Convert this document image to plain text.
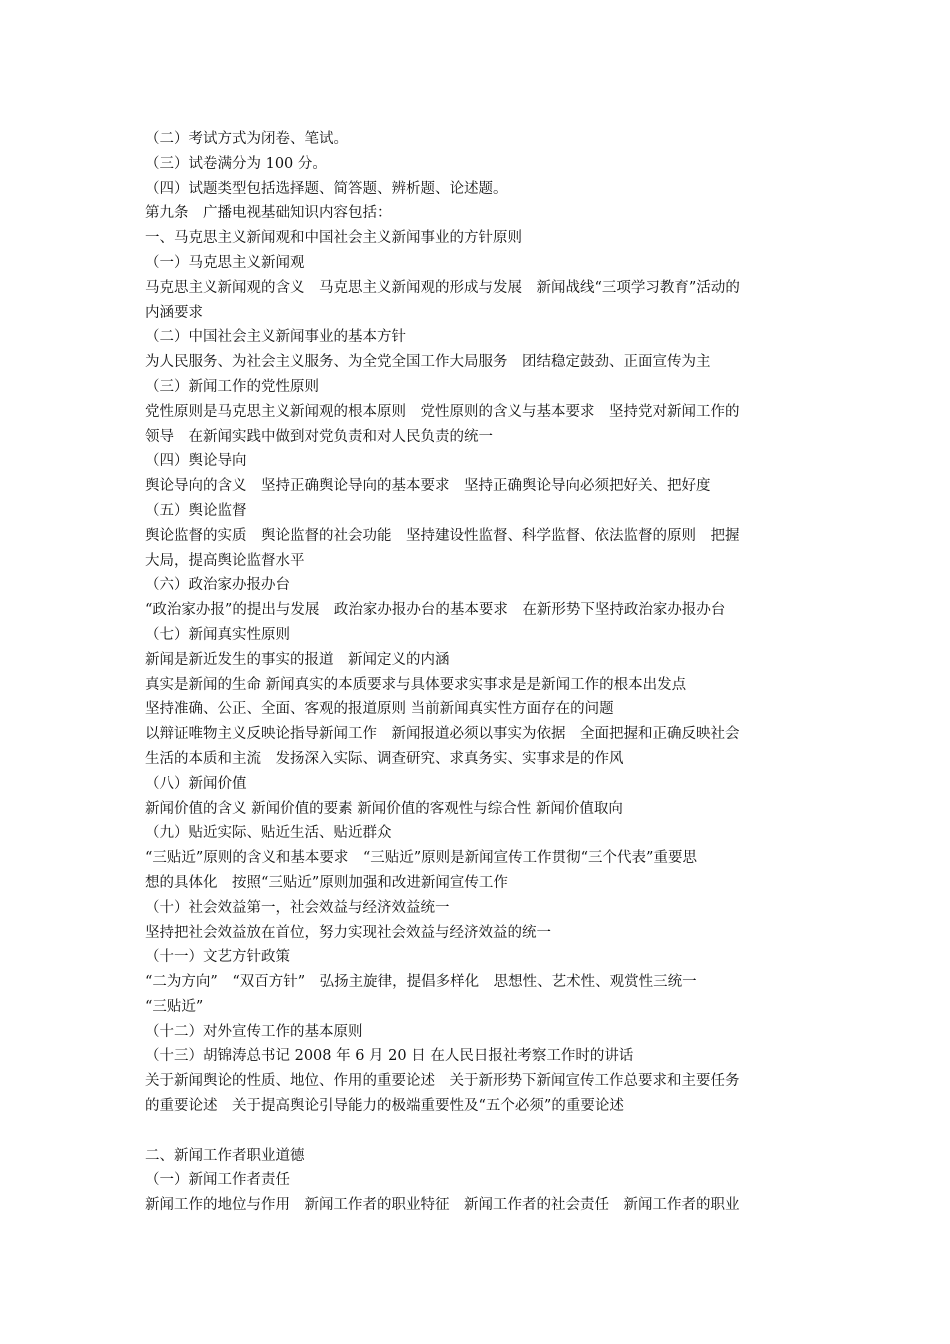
（二）考试方式为闭卷、笔试。
（三）试卷满分为 100 分。
（四）试题类型包括选择题、简答题、辨析题、论述题。
第九条　广播电视基础知识内容包括：
一、马克思主义新闻观和中国社会主义新闻事业的方针原则
（一）马克思主义新闻观
马克思主义新闻观的含义　马克思主义新闻观的形成与发展　新闻战线“三项学习教育”活动的
内涵要求
（二）中国社会主义新闻事业的基本方针
为人民服务、为社会主义服务、为全党全国工作大局服务　团结稳定鼓劲、正面宣传为主
（三）新闻工作的党性原则
党性原则是马克思主义新闻观的根本原则　党性原则的含义与基本要求　坚持党对新闻工作的
领导　在新闻实践中做到对党负责和对人民负责的统一
（四）舆论导向
舆论导向的含义　坚持正确舆论导向的基本要求　坚持正确舆论导向必须把好关、把好度
（五）舆论监督
舆论监督的实质　舆论监督的社会功能　坚持建设性监督、科学监督、依法监督的原则　把握
大局，提高舆论监督水平
（六）政治家办报办台
“政治家办报”的提出与发展　政治家办报办台的基本要求　在新形势下坚持政治家办报办台
（七）新闻真实性原则
新闻是新近发生的事实的报道　新闻定义的内涵
真实是新闻的生命 新闻真实的本质要求与具体要求实事求是是新闻工作的根本出发点
坚持准确、公正、全面、客观的报道原则 当前新闻真实性方面存在的问题
以辩证唯物主义反映论指导新闻工作　新闻报道必须以事实为依据　全面把握和正确反映社会
生活的本质和主流　发扬深入实际、调查研究、求真务实、实事求是的作风
（八）新闻价值
新闻价值的含义 新闻价值的要素 新闻价值的客观性与综合性 新闻价值取向
（九）贴近实际、贴近生活、贴近群众
“三贴近”原则的含义和基本要求　“三贴近”原则是新闻宣传工作贯彻“三个代表”重要思
想的具体化　按照“三贴近”原则加强和改进新闻宣传工作
（十）社会效益第一，社会效益与经济效益统一
坚持把社会效益放在首位，努力实现社会效益与经济效益的统一
（十一）文艺方针政策
“二为方向”　“双百方针”　弘扬主旋律，提倡多样化　思想性、艺术性、观赏性三统一
“三贴近”
（十二）对外宣传工作的基本原则
（十三）胡锦涛总书记 2008 年 6 月 20 日 在人民日报社考察工作时的讲话
关于新闻舆论的性质、地位、作用的重要论述　关于新形势下新闻宣传工作总要求和主要任务
的重要论述　关于提高舆论引导能力的极端重要性及“五个必须”的重要论述
二、新闻工作者职业道德
（一）新闻工作者责任
新闻工作的地位与作用　新闻工作者的职业特征　新闻工作者的社会责任　新闻工作者的职业
